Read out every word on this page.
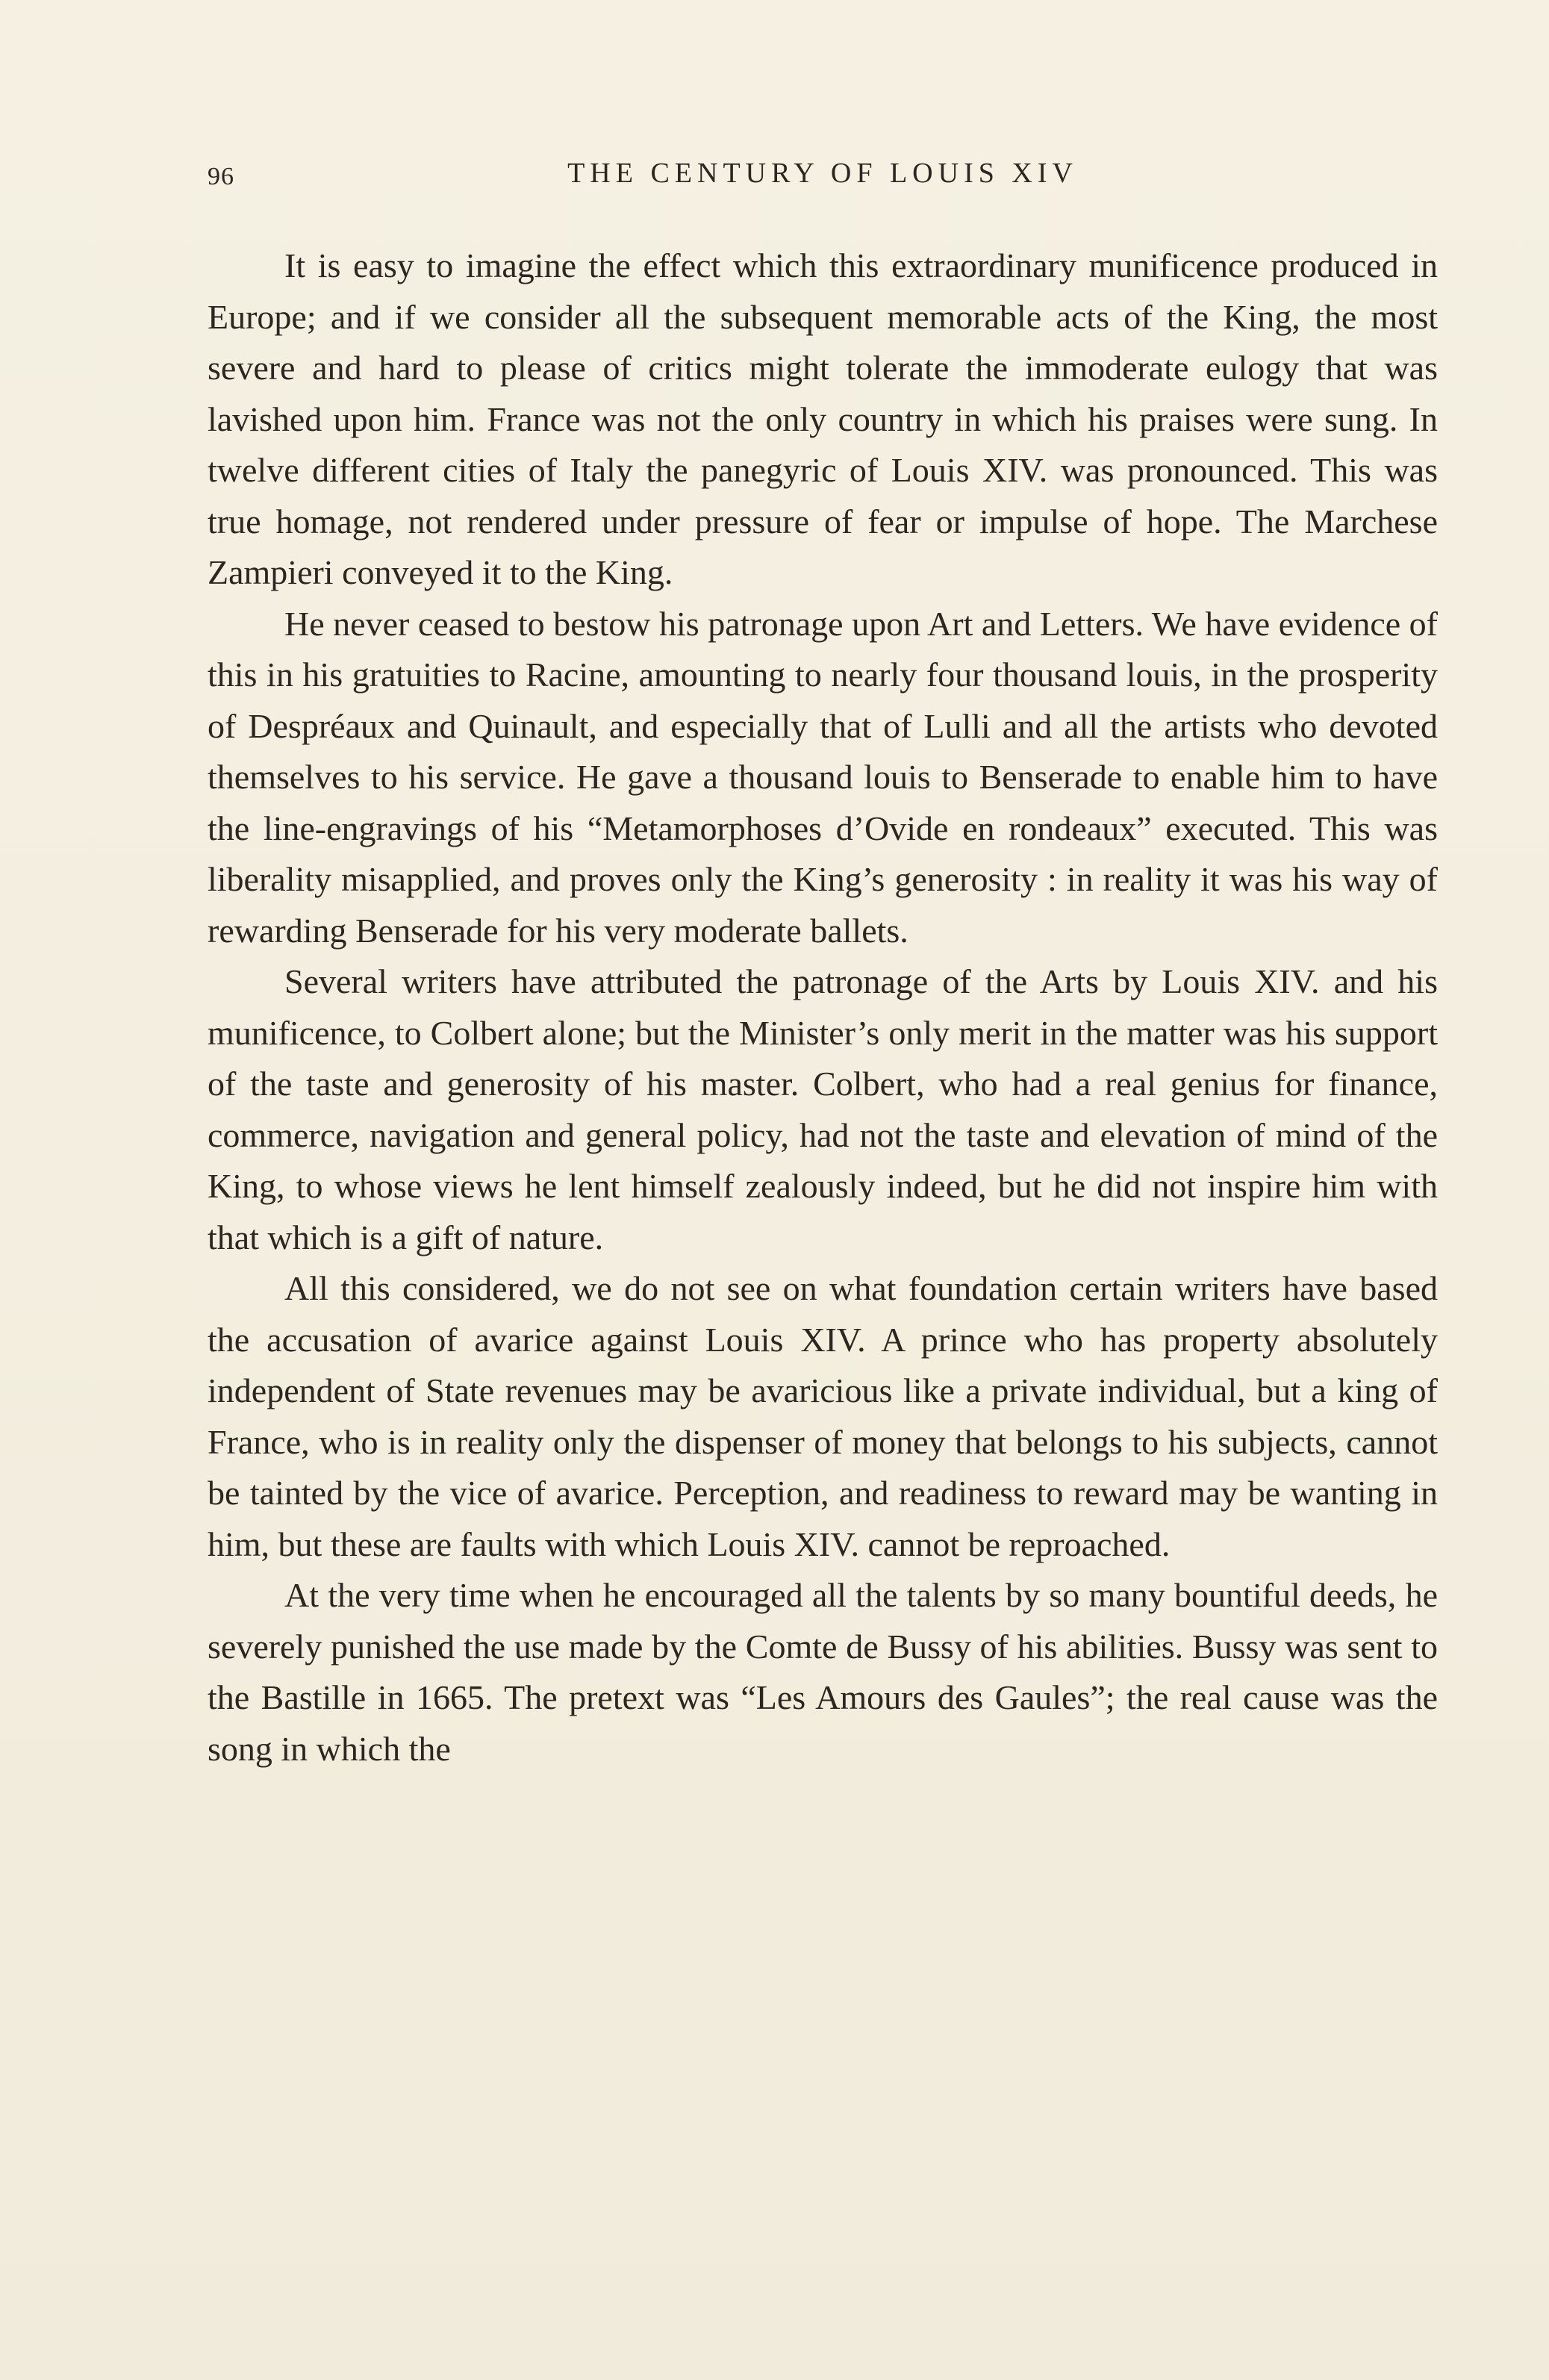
96	THE CENTURY OF LOUIS XIV

It is easy to imagine the effect which this extraordinary munificence produced in Europe; and if we consider all the subsequent memorable acts of the King, the most severe and hard to please of critics might tolerate the immoderate eulogy that was lavished upon him. France was not the only country in which his praises were sung. In twelve different cities of Italy the panegyric of Louis XIV. was pronounced. This was true homage, not rendered under pressure of fear or impulse of hope. The Marchese Zampieri conveyed it to the King.

He never ceased to bestow his patronage upon Art and Letters. We have evidence of this in his gratuities to Racine, amounting to nearly four thousand louis, in the prosperity of Despréaux and Quinault, and especially that of Lulli and all the artists who devoted themselves to his service. He gave a thousand louis to Benserade to enable him to have the line-engravings of his “Metamorphoses d’Ovide en rondeaux” executed. This was liberality misapplied, and proves only the King’s generosity : in reality it was his way of rewarding Benserade for his very moderate ballets.

Several writers have attributed the patronage of the Arts by Louis XIV. and his munificence, to Colbert alone; but the Minister’s only merit in the matter was his support of the taste and generosity of his master. Colbert, who had a real genius for finance, commerce, navigation and general policy, had not the taste and elevation of mind of the King, to whose views he lent himself zealously indeed, but he did not inspire him with that which is a gift of nature.

All this considered, we do not see on what foundation certain writers have based the accusation of avarice against Louis XIV. A prince who has property absolutely independent of State revenues may be avaricious like a private individual, but a king of France, who is in reality only the dispenser of money that belongs to his subjects, cannot be tainted by the vice of avarice. Perception, and readiness to reward may be wanting in him, but these are faults with which Louis XIV. cannot be reproached.

At the very time when he encouraged all the talents by so many bountiful deeds, he severely punished the use made by the Comte de Bussy of his abilities. Bussy was sent to the Bastille in 1665. The pretext was “Les Amours des Gaules”; the real cause was the song in which the
